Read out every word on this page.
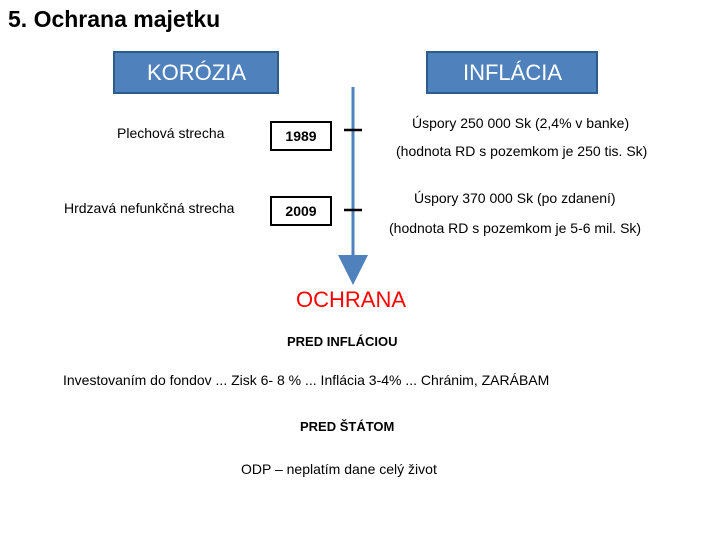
5. Ochrana majetku
KORÓZIA	INFLÁCIA
Plechová strecha	1989
Úspory 250 000 Sk (2,4% v banke)
(hodnota RD s pozemkom je 250 tis. Sk)
Hrdzavá nefunkčná strecha	2009
Úspory 370 000 Sk (po zdanení)
(hodnota RD s pozemkom je 5-6 mil. Sk)
OCHRANA
PRED INFLÁCIOU
Investovaním do fondov ... Zisk 6- 8 % ... Inflácia 3-4% ... Chránim, ZARÁBAM
PRED ŠTÁTOM
ODP – neplatím dane celý život
